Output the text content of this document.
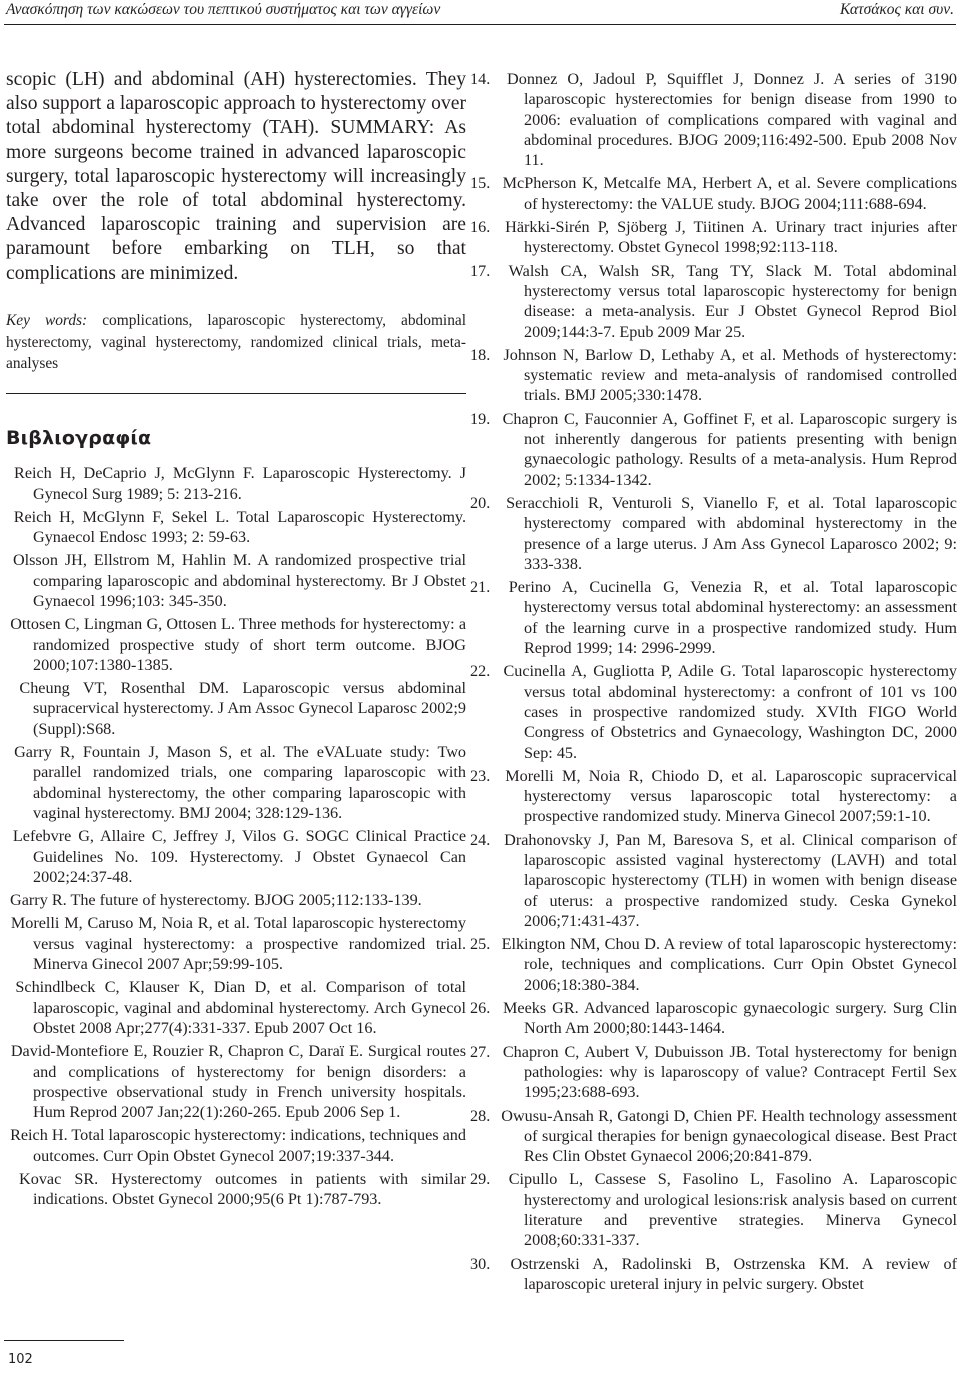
Ανασκόπηση των κακώσεων του πεπτικού συστήματος και των αγγείων	Κατσάκος και συν.

scopic (LH) and abdominal (AH) hysterectomies. They also support a laparoscopic approach to hysterectomy over total abdominal hysterectomy (TAH). SUMMARY: As more surgeons become trained in advanced laparoscopic surgery, total laparoscopic hysterectomy will increasingly take over the role of total abdominal hysterectomy. Advanced laparoscopic training and supervision are paramount before embarking on TLH, so that complications are minimized.

Key words: complications, laparoscopic hysterectomy, abdominal hysterectomy, vaginal hysterectomy, randomized clinical trials, meta-analyses

Βιβλιογραφία
Reich H, DeCaprio J, McGlynn F. Laparoscopic Hysterectomy. J Gynecol Surg 1989; 5: 213-216.
Reich H, McGlynn F, Sekel L. Total Laparoscopic Hysterectomy. Gynaecol Endosc 1993; 2: 59-63.
Olsson JH, Ellstrom M, Hahlin M. A randomized prospective trial comparing laparoscopic and abdominal hysterectomy. Br J Obstet Gynaecol 1996;103: 345-350.
Ottosen C, Lingman G, Ottosen L. Three methods for hysterectomy: a randomized prospective study of short term outcome. BJOG 2000;107:1380-1385.
Cheung VT, Rosenthal DM. Laparoscopic versus abdominal supracervical hysterectomy. J Am Assoc Gynecol Laparosc 2002;9 (Suppl):S68.
Garry R, Fountain J, Mason S, et al. The eVALuate study: Two parallel randomized trials, one comparing laparoscopic with abdominal hysterectomy, the other comparing laparoscopic with vaginal hysterectomy. BMJ 2004; 328:129-136.
Lefebvre G, Allaire C, Jeffrey J, Vilos G. SOGC Clinical Practice Guidelines No. 109. Hysterectomy. J Obstet Gynaecol Can 2002;24:37-48.
Garry R. The future of hysterectomy. BJOG 2005;112:133-139.
Morelli M, Caruso M, Noia R, et al. Total laparoscopic hysterectomy versus vaginal hysterectomy: a prospective randomized trial. Minerva Ginecol 2007 Apr;59:99-105.
Schindlbeck C, Klauser K, Dian D, et al. Comparison of total laparoscopic, vaginal and abdominal hysterectomy. Arch Gynecol Obstet 2008 Apr;277(4):331-337. Epub 2007 Oct 16.
David-Montefiore E, Rouzier R, Chapron C, Daraï E. Surgical routes and complications of hysterectomy for benign disorders: a prospective observational study in French university hospitals. Hum Reprod 2007 Jan;22(1):260-265. Epub 2006 Sep 1.
Reich H. Total laparoscopic hysterectomy: indications, techniques and outcomes. Curr Opin Obstet Gynecol 2007;19:337-344.
Kovac SR. Hysterectomy outcomes in patients with similar indications. Obstet Gynecol 2000;95(6 Pt 1):787-793.
14. Donnez O, Jadoul P, Squifflet J, Donnez J. A series of 3190 laparoscopic hysterectomies for benign disease from 1990 to 2006: evaluation of complications compared with vaginal and abdominal procedures. BJOG 2009;116:492-500. Epub 2008 Nov 11.
15. McPherson K, Metcalfe MA, Herbert A, et al. Severe complications of hysterectomy: the VALUE study. BJOG 2004;111:688-694.
16. Härkki-Sirén P, Sjöberg J, Tiitinen A. Urinary tract injuries after hysterectomy. Obstet Gynecol 1998;92:113-118.
17. Walsh CA, Walsh SR, Tang TY, Slack M. Total abdominal hysterectomy versus total laparoscopic hysterectomy for benign disease: a meta-analysis. Eur J Obstet Gynecol Reprod Biol 2009;144:3-7. Epub 2009 Mar 25.
18. Johnson N, Barlow D, Lethaby A, et al. Methods of hysterectomy: systematic review and meta-analysis of randomised controlled trials. BMJ 2005;330:1478.
19. Chapron C, Fauconnier A, Goffinet F, et al. Laparoscopic surgery is not inherently dangerous for patients presenting with benign gynaecologic pathology. Results of a meta-analysis. Hum Reprod 2002; 5:1334-1342.
20. Seracchioli R, Venturoli S, Vianello F, et al. Total laparoscopic hysterectomy compared with abdominal hysterectomy in the presence of a large uterus. J Am Ass Gynecol Laparosco 2002; 9: 333-338.
21. Perino A, Cucinella G, Venezia R, et al. Total laparoscopic hysterectomy versus total abdominal hysterectomy: an assessment of the learning curve in a prospective randomized study. Hum Reprod 1999; 14: 2996-2999.
22. Cucinella A, Gugliotta P, Adile G. Total laparoscopic hysterectomy versus total abdominal hysterectomy: a confront of 101 vs 100 cases in prospective randomized study. XVIth FIGO World Congress of Obstetrics and Gynaecology, Washington DC, 2000 Sep: 45.
23. Morelli M, Noia R, Chiodo D, et al. Laparoscopic supracervical hysterectomy versus laparoscopic total hysterectomy: a prospective randomized study. Minerva Ginecol 2007;59:1-10.
24. Drahonovsky J, Pan M, Baresova S, et al. Clinical comparison of laparoscopic assisted vaginal hysterectomy (LAVH) and total laparoscopic hysterectomy (TLH) in women with benign disease of uterus: a prospective randomized study. Ceska Gynekol 2006;71:431-437.
25. Elkington NM, Chou D. A review of total laparoscopic hysterectomy: role, techniques and complications. Curr Opin Obstet Gynecol 2006;18:380-384.
26. Meeks GR. Advanced laparoscopic gynaecologic surgery. Surg Clin North Am 2000;80:1443-1464.
27. Chapron C, Aubert V, Dubuisson JB. Total hysterectomy for benign pathologies: why is laparoscopy of value? Contracept Fertil Sex 1995;23:688-693.
28. Owusu-Ansah R, Gatongi D, Chien PF. Health technology assessment of surgical therapies for benign gynaecological disease. Best Pract Res Clin Obstet Gynaecol 2006;20:841-879.
29. Cipullo L, Cassese S, Fasolino L, Fasolino A. Laparoscopic hysterectomy and urological lesions:risk analysis based on current literature and preventive strategies. Minerva Gynecol 2008;60:331-337.
30. Ostrzenski A, Radolinski B, Ostrzenska KM. A review of laparoscopic ureteral injury in pelvic surgery. Obstet
102
